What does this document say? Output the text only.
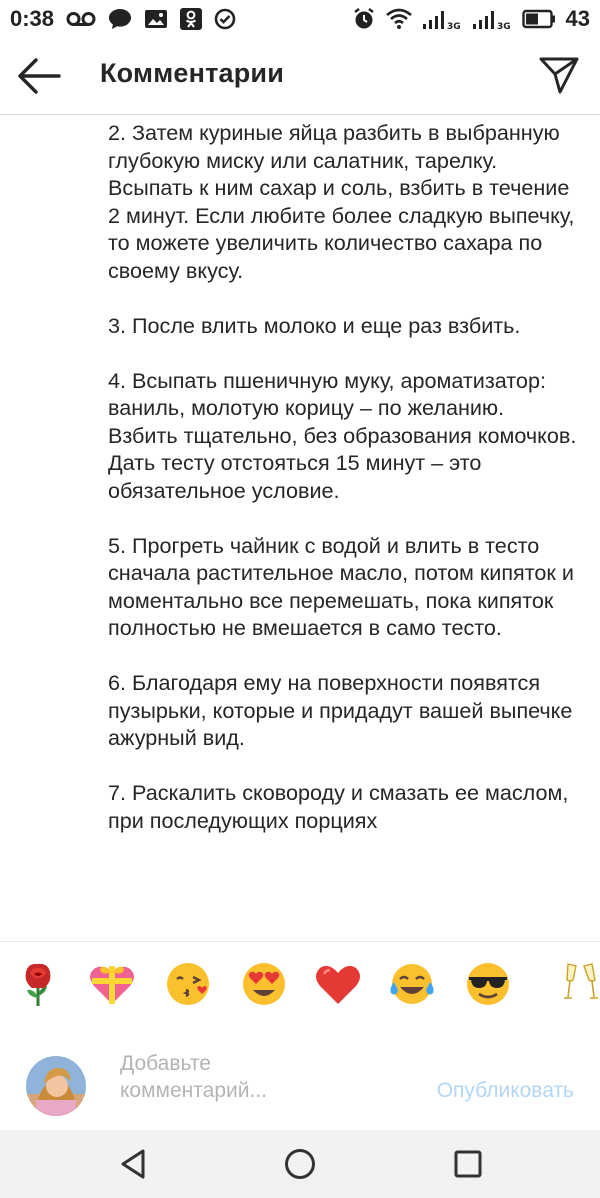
0:38	3G	3G	43
Комментарии

2. Затем куриные яйца разбить в выбранную глубокую миску или салатник, тарелку. Всыпать к ним сахар и соль, взбить в течение 2 минут. Если любите более сладкую выпечку, то можете увеличить количество сахара по своему вкусу.

3. После влить молоко и еще раз взбить.

4. Всыпать пшеничную муку, ароматизатор: ваниль, молотую корицу – по желанию. Взбить тщательно, без образования комочков. Дать тесту отстояться 15 минут – это обязательное условие.

5. Прогреть чайник с водой и влить в тесто сначала растительное масло, потом кипяток и моментально все перемешать, пока кипяток полностью не вмешается в само тесто.

6. Благодаря ему на поверхности появятся пузырьки, которые и придадут вашей выпечке ажурный вид.

7. Раскалить сковороду и смазать ее маслом, при последующих порциях

Добавьте
комментарий...	Опубликовать
